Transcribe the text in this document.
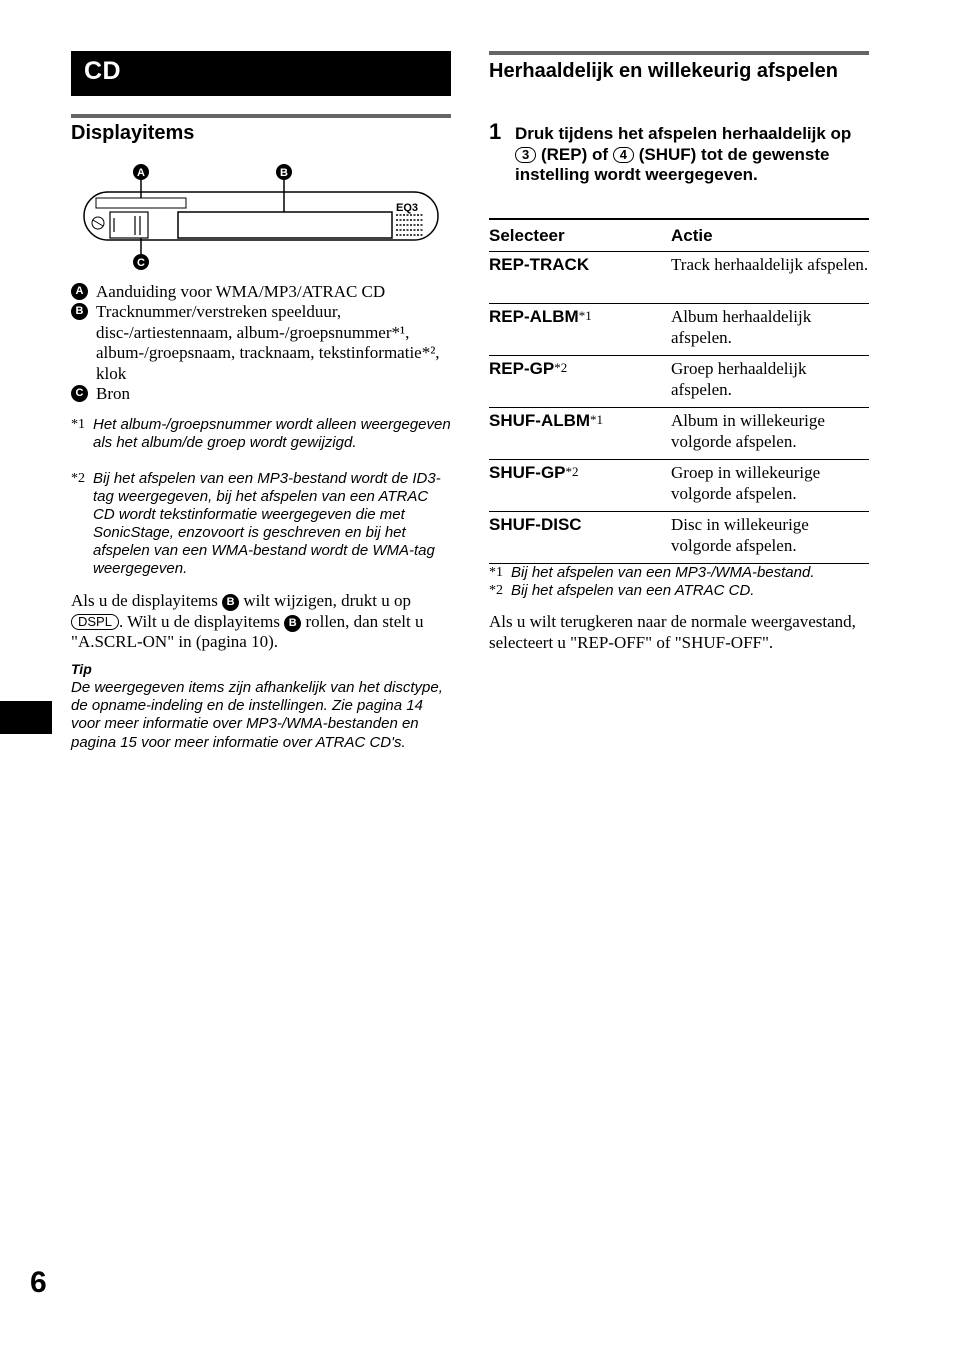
CD
Displayitems
EQ3
A	B
C
A Aanduiding voor WMA/MP3/ATRAC CD
B Tracknummer/verstreken speelduur, disc-/artiestennaam, album-/groepsnummer*¹, album-/groepsnaam, tracknaam, tekstinformatie*², klok
C Bron
*1 Het album-/groepsnummer wordt alleen weergegeven als het album/de groep wordt gewijzigd.
*2 Bij het afspelen van een MP3-bestand wordt de ID3-tag weergegeven, bij het afspelen van een ATRAC CD wordt tekstinformatie weergegeven die met SonicStage, enzovoort is geschreven en bij het afspelen van een WMA-bestand wordt de WMA-tag weergegeven.
Als u de displayitems B wilt wijzigen, drukt u op DSPL . Wilt u de displayitems B rollen, dan stelt u "A.SCRL-ON" in (pagina 10).
Tip
De weergegeven items zijn afhankelijk van het disctype, de opname-indeling en de instellingen. Zie pagina 14 voor meer informatie over MP3-/WMA-bestanden en pagina 15 voor meer informatie over ATRAC CD's.
Herhaaldelijk en willekeurig afspelen
1 Druk tijdens het afspelen herhaaldelijk op 3 (REP) of 4 (SHUF) tot de gewenste instelling wordt weergegeven.
Selecteer	Actie
REP-TRACK	Track herhaaldelijk afspelen.
REP-ALBM$^{*1}$	Album herhaaldelijk afspelen.
REP-GP$^{*2}$	Groep herhaaldelijk afspelen.
SHUF-ALBM$^{*1}$	Album in willekeurige volgorde afspelen.
SHUF-GP$^{*2}$	Groep in willekeurige volgorde afspelen.
SHUF-DISC	Disc in willekeurige volgorde afspelen.
*1 Bij het afspelen van een MP3-/WMA-bestand.
*2 Bij het afspelen van een ATRAC CD.
Als u wilt terugkeren naar de normale weergavestand, selecteert u "REP-OFF" of "SHUF-OFF".
6
